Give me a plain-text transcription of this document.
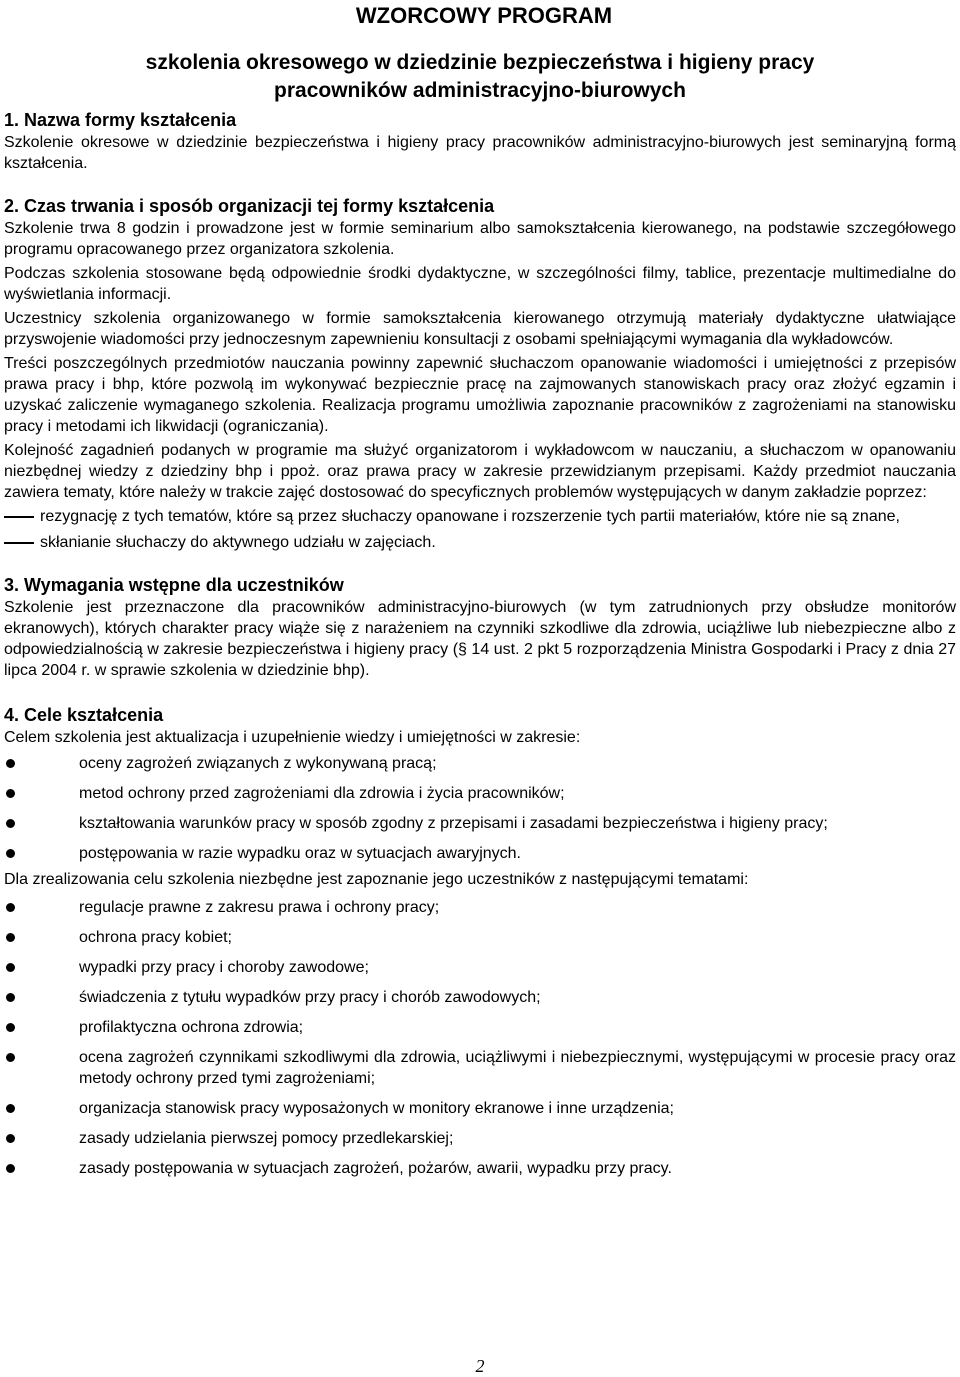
WZORCOWY PROGRAM
szkolenia okresowego w dziedzinie bezpieczeństwa i higieny pracy
pracowników administracyjno-biurowych
1. Nazwa formy kształcenia

Szkolenie okresowe w dziedzinie bezpieczeństwa i higieny pracy pracowników administracyjno-biurowych jest seminaryjną formą kształcenia.

2. Czas trwania i sposób organizacji tej formy kształcenia

Szkolenie trwa 8 godzin i prowadzone jest w formie seminarium albo samokształcenia kierowanego, na podstawie szczegółowego programu opracowanego przez organizatora szkolenia.

Podczas szkolenia stosowane będą odpowiednie środki dydaktyczne, w szczególności filmy, tablice, prezentacje multimedialne do wyświetlania informacji.

Uczestnicy szkolenia organizowanego w formie samokształcenia kierowanego otrzymują materiały dydaktyczne ułatwiające przyswojenie wiadomości przy jednoczesnym zapewnieniu konsultacji z osobami spełniającymi wymagania dla wykładowców.

Treści poszczególnych przedmiotów nauczania powinny zapewnić słuchaczom opanowanie wiadomości i umiejętności z przepisów prawa pracy i bhp, które pozwolą im wykonywać bezpiecznie pracę na zajmowanych stanowiskach pracy oraz złożyć egzamin i uzyskać zaliczenie wymaganego szkolenia. Realizacja programu umożliwia zapoznanie pracowników z zagrożeniami na stanowisku pracy i metodami ich likwidacji (ograniczania).

Kolejność zagadnień podanych w programie ma służyć organizatorom i wykładowcom w nauczaniu, a słuchaczom w opanowaniu niezbędnej wiedzy z dziedziny bhp i ppoż. oraz prawa pracy w zakresie przewidzianym przepisami. Każdy przedmiot nauczania zawiera tematy, które należy w trakcie zajęć dostosować do specyficznych problemów występujących w danym zakładzie poprzez:

rezygnację z tych tematów, które są przez słuchaczy opanowane i rozszerzenie tych partii materiałów, które nie są znane,
skłanianie słuchaczy do aktywnego udziału w zajęciach.
3. Wymagania wstępne dla uczestników

Szkolenie jest przeznaczone dla pracowników administracyjno-biurowych (w tym zatrudnionych przy obsłudze monitorów ekranowych), których charakter pracy wiąże się z narażeniem na czynniki szkodliwe dla zdrowia, uciążliwe lub niebezpieczne albo z odpowiedzialnością w zakresie bezpieczeństwa i higieny pracy (§ 14 ust. 2 pkt 5 rozporządzenia Ministra Gospodarki i Pracy z dnia 27 lipca 2004 r. w sprawie szkolenia w dziedzinie bhp).

4. Cele kształcenia

Celem szkolenia jest aktualizacja i uzupełnienie wiedzy i umiejętności w zakresie:

oceny zagrożeń związanych z wykonywaną pracą;
metod ochrony przed zagrożeniami dla zdrowia i życia pracowników;
kształtowania warunków pracy w sposób zgodny z przepisami i zasadami bezpieczeństwa i higieny pracy;
postępowania w razie wypadku oraz w sytuacjach awaryjnych.

Dla zrealizowania celu szkolenia niezbędne jest zapoznanie jego uczestników z następującymi tematami:

regulacje prawne z zakresu prawa i ochrony pracy;
ochrona pracy kobiet;
wypadki przy pracy i choroby zawodowe;
świadczenia z tytułu wypadków przy pracy i chorób zawodowych;
profilaktyczna ochrona zdrowia;
ocena zagrożeń czynnikami szkodliwymi dla zdrowia, uciążliwymi i niebezpiecznymi, występującymi w procesie pracy oraz metody ochrony przed tymi zagrożeniami;
organizacja stanowisk pracy wyposażonych w monitory ekranowe i inne urządzenia;
zasady udzielania pierwszej pomocy przedlekarskiej;
zasady postępowania w sytuacjach zagrożeń, pożarów, awarii, wypadku przy pracy.
2
